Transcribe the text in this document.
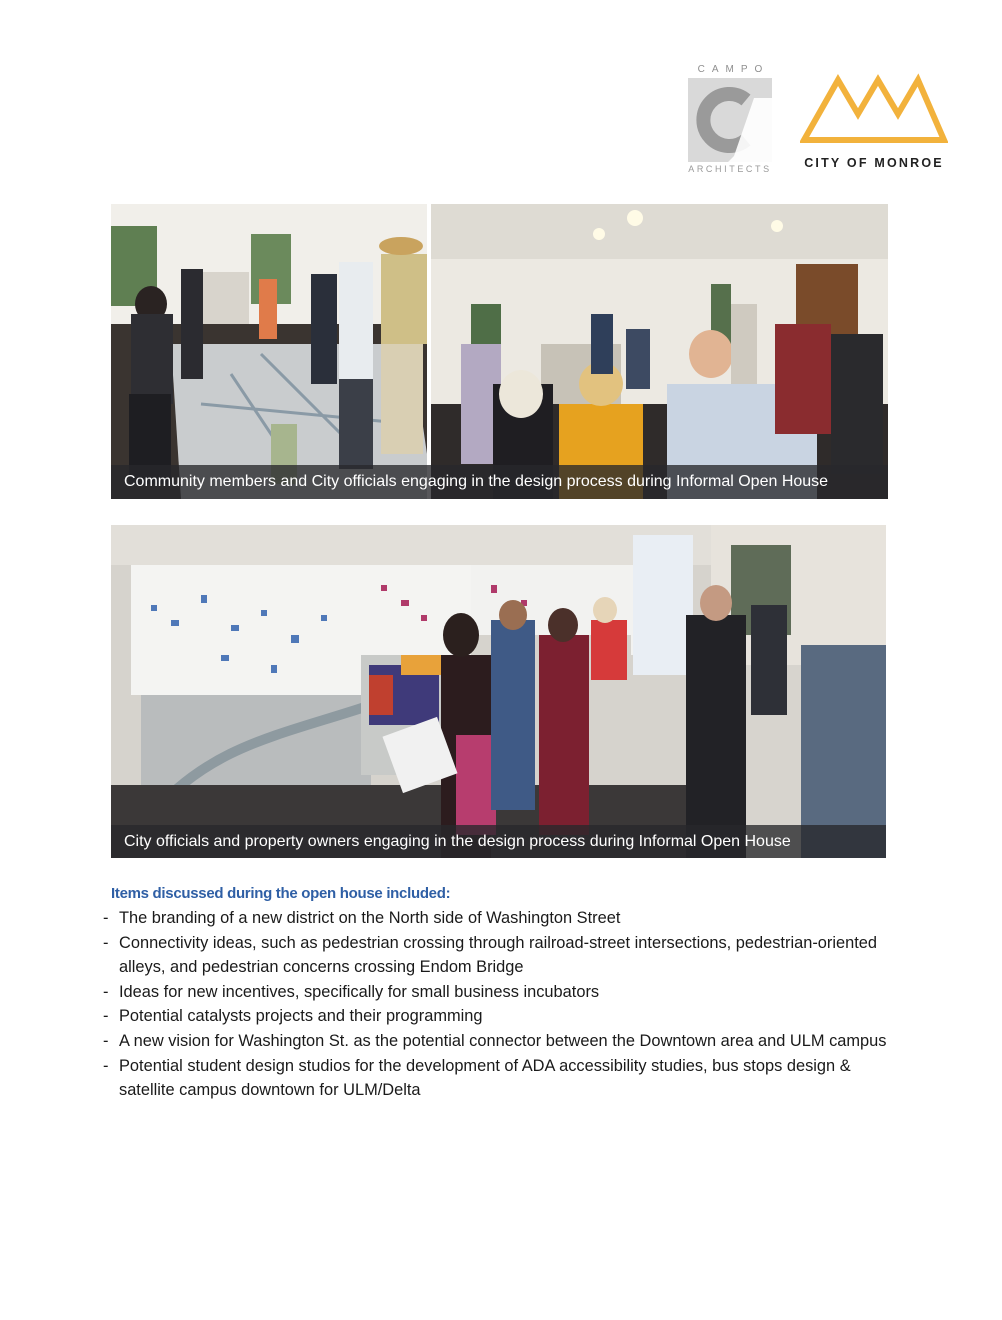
CAMPO
ARCHITECTS	CITY OF MONROE
Community members and City officials engaging in the design process during Informal Open House
City officials and property owners engaging in the design process during Informal Open House
Items discussed during the open house included:
- The branding of a new district on the North side of Washington Street
- Connectivity ideas, such as pedestrian crossing through railroad-street intersections, pedestrian-oriented alleys, and pedestrian concerns crossing Endom Bridge
- Ideas for new incentives, specifically for small business incubators
- Potential catalysts projects and their programming
- A new vision for Washington St. as the potential connector between the Downtown area and ULM campus
- Potential student design studios for the development of ADA accessibility studies, bus stops design & satellite campus downtown for ULM/Delta
